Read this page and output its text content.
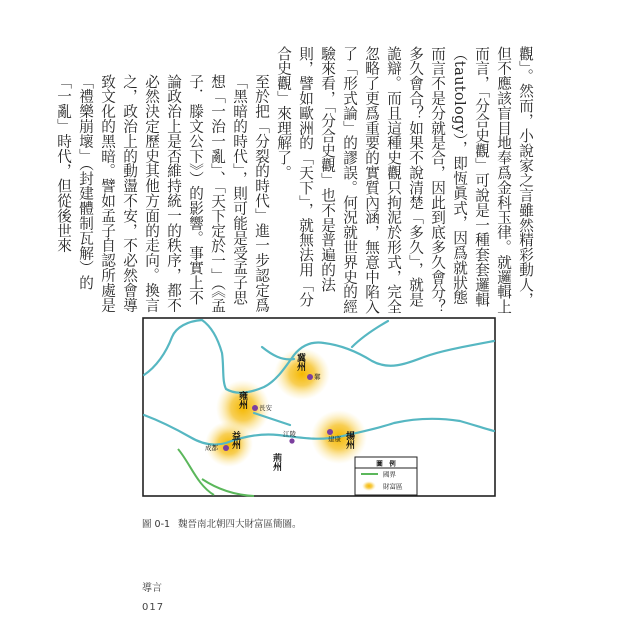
觀」。然而，小說家之言雖然精彩動人，但不應該盲目地奉爲金科玉律。就邏輯上而言，「分合史觀」可說是一種套套邏輯（tautology），即恆眞式，因爲就狀態而言不是分就是合，因此到底多久會分？多久會合？如果不說清楚「多久」，就是詭辯。而且這種史觀只拘泥於形式，完全忽略了更爲重要的實質內涵，無意中陷入了「形式論」的謬誤。何況就世界史的經驗來看，「分合史觀」也不是普遍的法則，譬如歐洲的「天下」，就無法用「分合史觀」來理解了。

至於把「分裂的時代」進一步認定爲「黑暗的時代」，則可能是受孟子思想「一治一亂」、「天下定於一」（《孟子．滕文公下》）的影響。事實上不論政治上是否維持統一的秩序，都不必然決定歷史其他方面的走向。換言之，政治上的動盪不安，不必然會導致文化的黑暗。譬如孟子自認所處是「禮樂崩壞」（封建體制瓦解）的「一亂」時代，但從後世來

冀州
雍州
益州
荊州
揚州
鄴
長安
成都
江陵
建康
圖　例
國界
財富區
圖 0-1 魏晉南北朝四大財富區簡圖。
導言
017
